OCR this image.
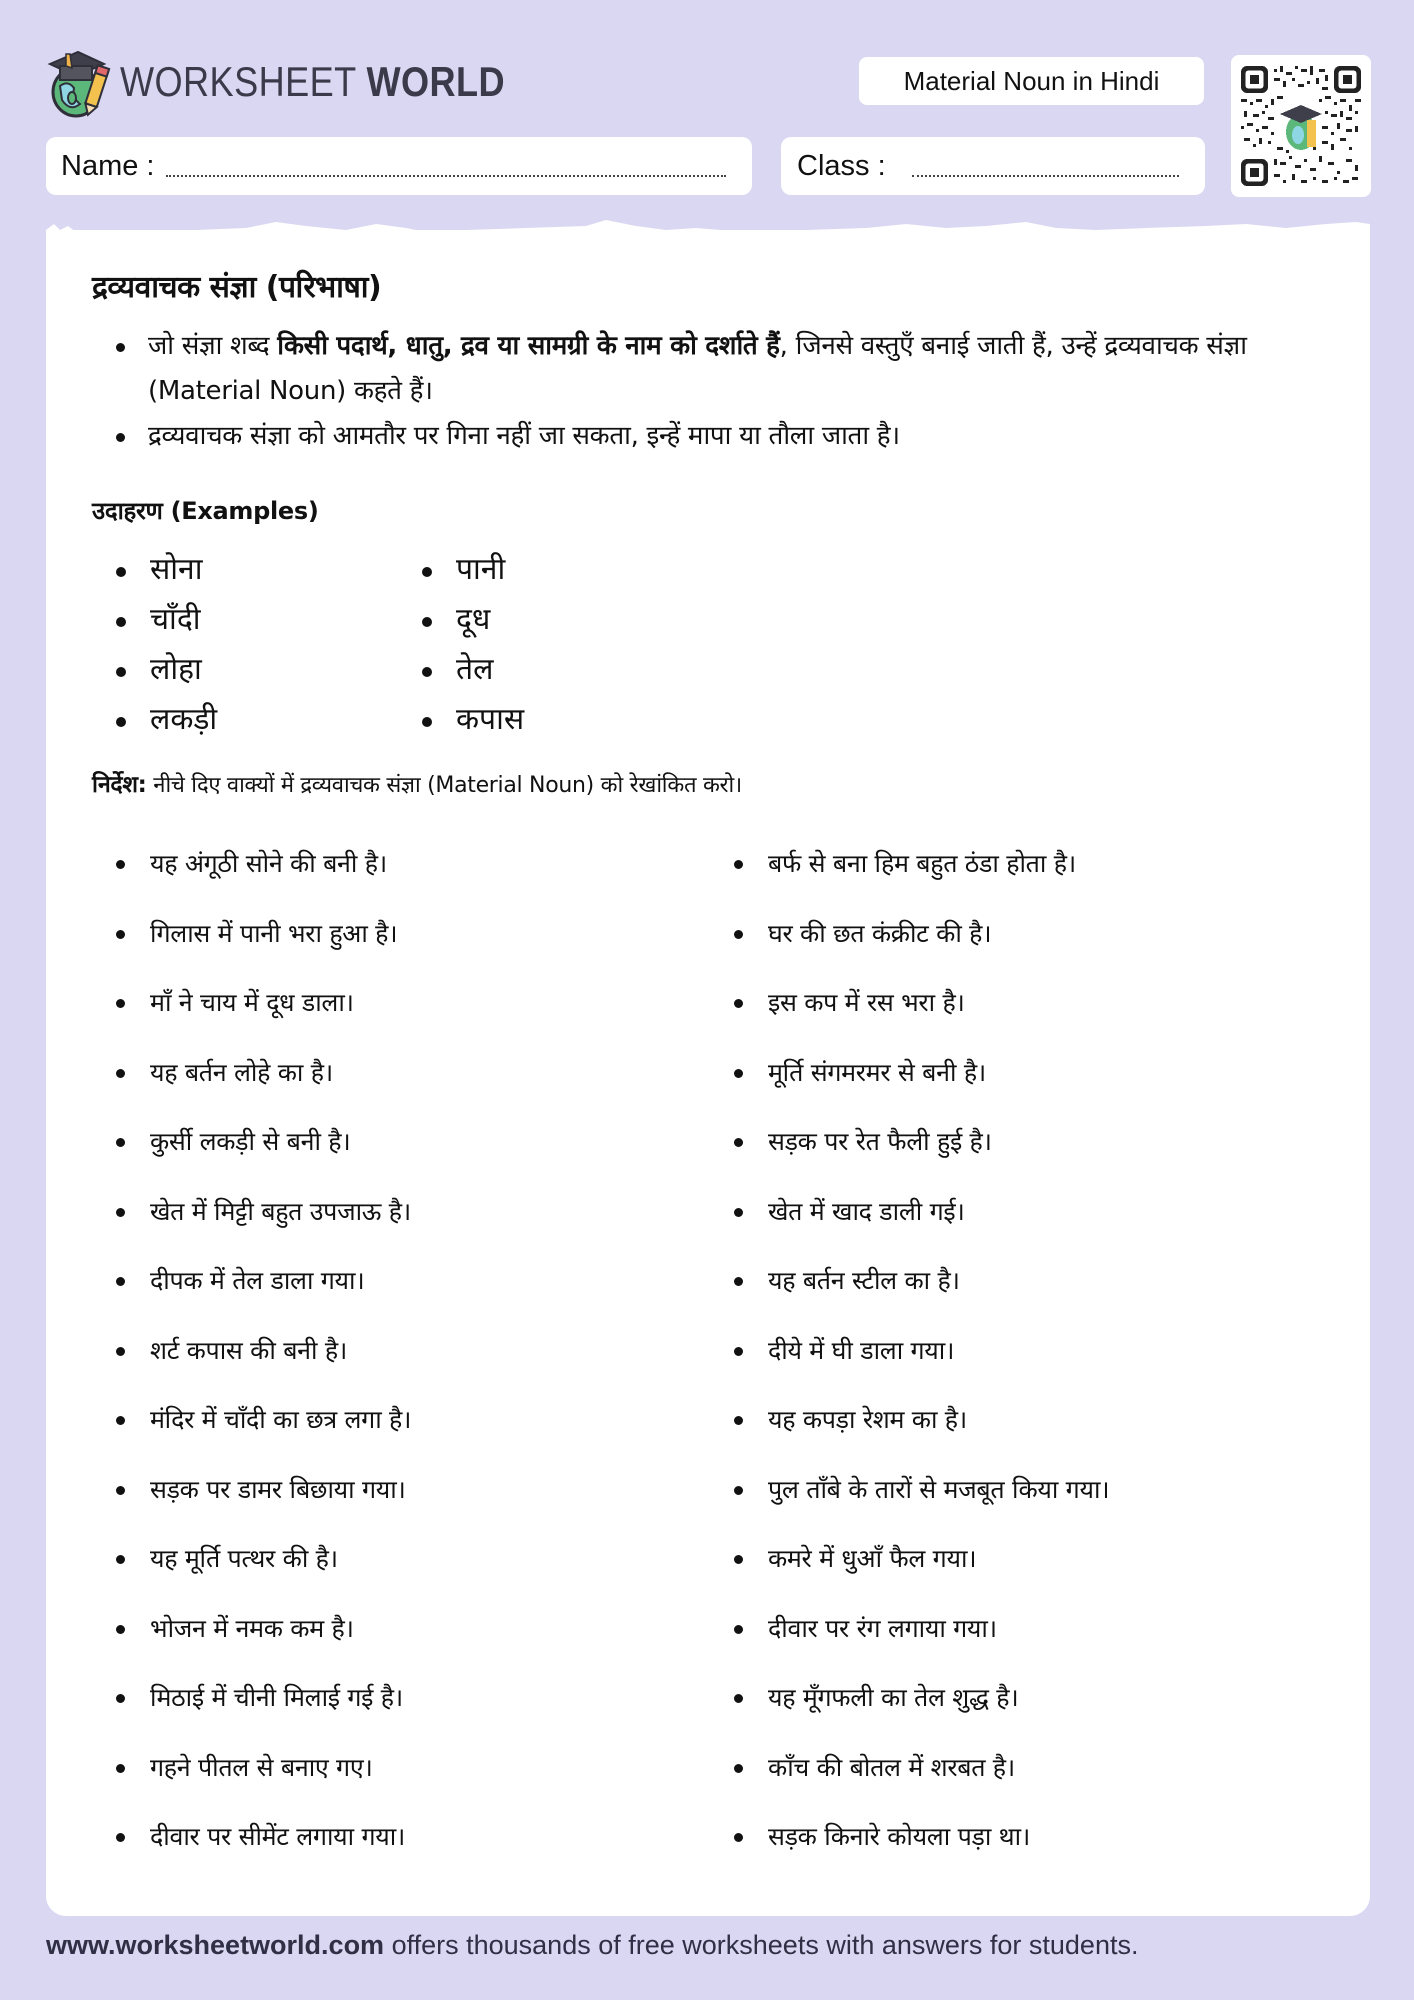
WORKSHEET WORLD	Material Noun in Hindi
Name :	Class :
द्रव्यवाचक संज्ञा (परिभाषा)
जो संज्ञा शब्द किसी पदार्थ, धातु, द्रव या सामग्री के नाम को दर्शाते हैं, जिनसे वस्तुएँ बनाई जाती हैं, उन्हें द्रव्यवाचक संज्ञा (Material Noun) कहते हैं।
द्रव्यवाचक संज्ञा को आमतौर पर गिना नहीं जा सकता, इन्हें मापा या तौला जाता है।
उदाहरण (Examples)
सोना
चाँदी
लोहा
लकड़ी
पानी
दूध
तेल
कपास

निर्देश: नीचे दिए वाक्यों में द्रव्यवाचक संज्ञा (Material Noun) को रेखांकित करो।

यह अंगूठी सोने की बनी है।
गिलास में पानी भरा हुआ है।
माँ ने चाय में दूध डाला।
यह बर्तन लोहे का है।
कुर्सी लकड़ी से बनी है।
खेत में मिट्टी बहुत उपजाऊ है।
दीपक में तेल डाला गया।
शर्ट कपास की बनी है।
मंदिर में चाँदी का छत्र लगा है।
सड़क पर डामर बिछाया गया।
यह मूर्ति पत्थर की है।
भोजन में नमक कम है।
मिठाई में चीनी मिलाई गई है।
गहने पीतल से बनाए गए।
दीवार पर सीमेंट लगाया गया।
बर्फ से बना हिम बहुत ठंडा होता है।
घर की छत कंक्रीट की है।
इस कप में रस भरा है।
मूर्ति संगमरमर से बनी है।
सड़क पर रेत फैली हुई है।
खेत में खाद डाली गई।
यह बर्तन स्टील का है।
दीये में घी डाला गया।
यह कपड़ा रेशम का है।
पुल ताँबे के तारों से मजबूत किया गया।
कमरे में धुआँ फैल गया।
दीवार पर रंग लगाया गया।
यह मूँगफली का तेल शुद्ध है।
काँच की बोतल में शरबत है।
सड़क किनारे कोयला पड़ा था।
www.worksheetworld.com offers thousands of free worksheets with answers for students.
